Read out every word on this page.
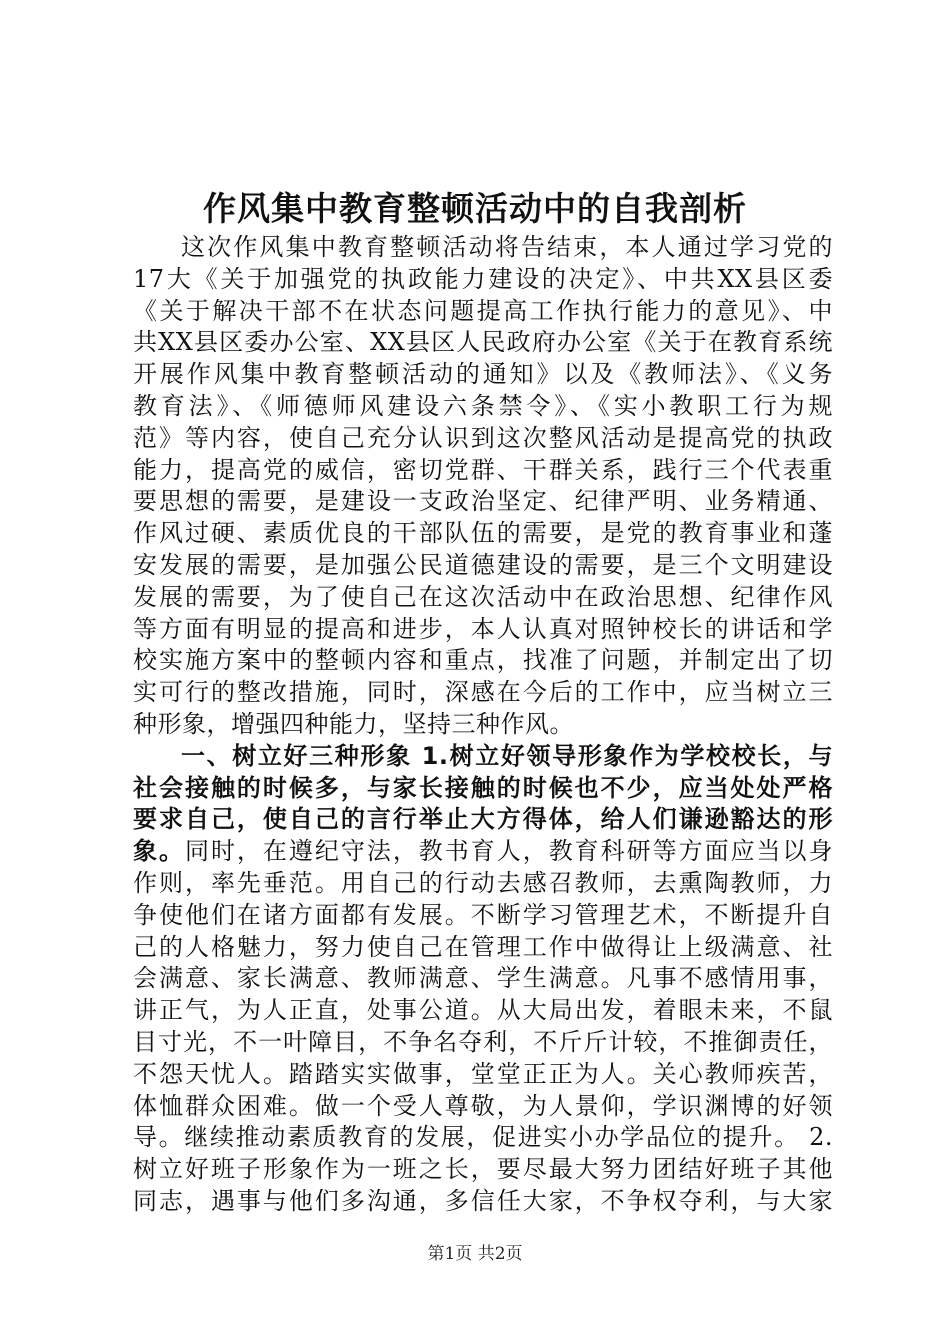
作风集中教育整顿活动中的自我剖析
这次作风集中教育整顿活动将告结束，本人通过学习党的
17大《关于加强党的执政能力建设的决定》、中共XX县区委
《关于解决干部不在状态问题提高工作执行能力的意见》、中
共XX县区委办公室、XX县区人民政府办公室《关于在教育系统
开展作风集中教育整顿活动的通知》以及《教师法》、《义务
教育法》、《师德师风建设六条禁令》、《实小教职工行为规
范》等内容，使自己充分认识到这次整风活动是提高党的执政
能力，提高党的威信，密切党群、干群关系，践行三个代表重
要思想的需要，是建设一支政治坚定、纪律严明、业务精通、
作风过硬、素质优良的干部队伍的需要，是党的教育事业和蓬
安发展的需要，是加强公民道德建设的需要，是三个文明建设
发展的需要，为了使自己在这次活动中在政治思想、纪律作风
等方面有明显的提高和进步，本人认真对照钟校长的讲话和学
校实施方案中的整顿内容和重点，找准了问题，并制定出了切
实可行的整改措施，同时，深感在今后的工作中，应当树立三
种形象，增强四种能力，坚持三种作风。
一、树立好三种形象 1.树立好领导形象作为学校校长，与
社会接触的时候多，与家长接触的时候也不少，应当处处严格
要求自己，使自己的言行举止大方得体，给人们谦逊豁达的形
象。同时，在遵纪守法，教书育人，教育科研等方面应当以身
作则，率先垂范。用自己的行动去感召教师，去熏陶教师，力
争使他们在诸方面都有发展。不断学习管理艺术，不断提升自
己的人格魅力，努力使自己在管理工作中做得让上级满意、社
会满意、家长满意、教师满意、学生满意。凡事不感情用事，
讲正气，为人正直，处事公道。从大局出发，着眼未来，不鼠
目寸光，不一叶障目，不争名夺利，不斤斤计较，不推御责任，
不怨天忧人。踏踏实实做事，堂堂正正为人。关心教师疾苦，
体恤群众困难。做一个受人尊敬，为人景仰，学识渊博的好领
导。继续推动素质教育的发展，促进实小办学品位的提升。 2.
树立好班子形象作为一班之长，要尽最大努力团结好班子其他
同志，遇事与他们多沟通，多信任大家，不争权夺利，与大家
第1页 共2页
